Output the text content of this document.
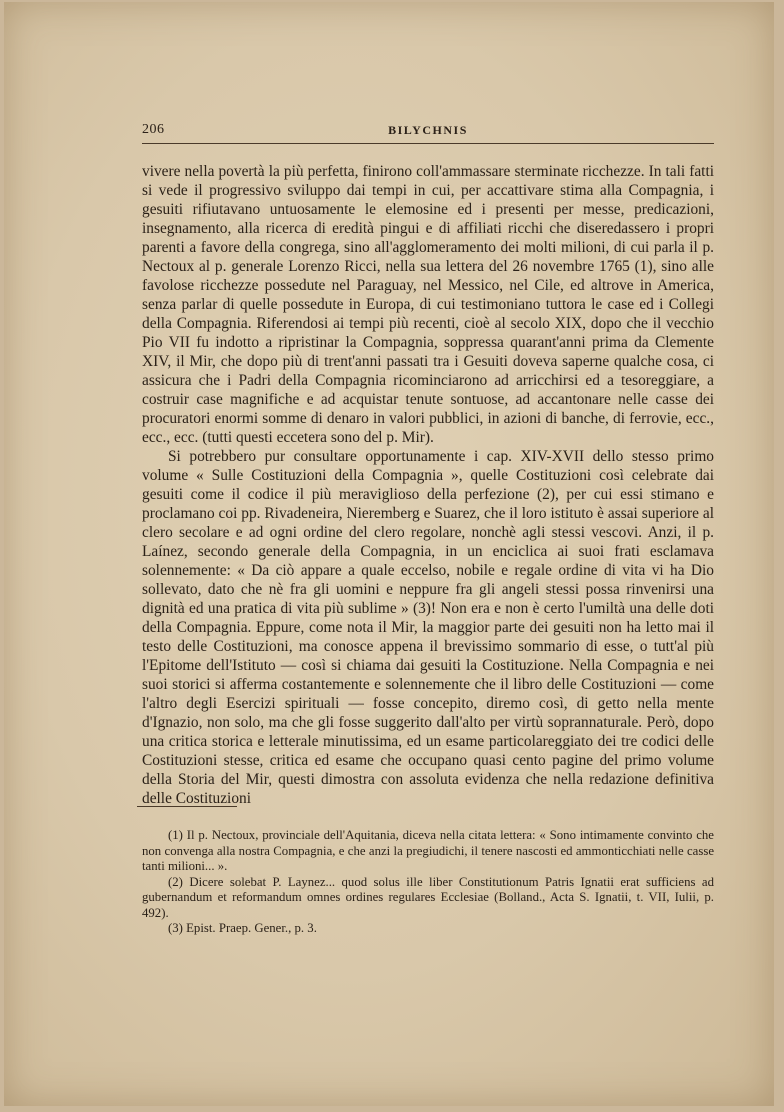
206	BILYCHNIS

vivere nella povertà la più perfetta, finirono coll'ammassare sterminate ricchezze. In tali fatti si vede il progressivo sviluppo dai tempi in cui, per accattivare stima alla Compagnia, i gesuiti rifiutavano untuosamente le elemosine ed i presenti per messe, predicazioni, insegnamento, alla ricerca di eredità pingui e di affiliati ricchi che diseredassero i propri parenti a favore della congrega, sino all'agglomeramento dei molti milioni, di cui parla il p. Nectoux al p. generale Lorenzo Ricci, nella sua lettera del 26 novembre 1765 (1), sino alle favolose ricchezze possedute nel Paraguay, nel Messico, nel Cile, ed altrove in America, senza parlar di quelle possedute in Europa, di cui testimoniano tuttora le case ed i Collegi della Compagnia. Riferendosi ai tempi più recenti, cioè al secolo XIX, dopo che il vecchio Pio VII fu indotto a ripristinar la Compagnia, soppressa quarant'anni prima da Clemente XIV, il Mir, che dopo più di trent'anni passati tra i Gesuiti doveva saperne qualche cosa, ci assicura che i Padri della Compagnia ricominciarono ad arricchirsi ed a tesoreggiare, a costruir case magnifiche e ad acquistar tenute sontuose, ad accantonare nelle casse dei procuratori enormi somme di denaro in valori pubblici, in azioni di banche, di ferrovie, ecc., ecc., ecc. (tutti questi eccetera sono del p. Mir).

Si potrebbero pur consultare opportunamente i cap. XIV-XVII dello stesso primo volume « Sulle Costituzioni della Compagnia », quelle Costituzioni così celebrate dai gesuiti come il codice il più meraviglioso della perfezione (2), per cui essi stimano e proclamano coi pp. Rivadeneira, Nieremberg e Suarez, che il loro istituto è assai superiore al clero secolare e ad ogni ordine del clero regolare, nonchè agli stessi vescovi. Anzi, il p. Laínez, secondo generale della Compagnia, in un enciclica ai suoi frati esclamava solennemente: « Da ciò appare a quale eccelso, nobile e regale ordine di vita vi ha Dio sollevato, dato che nè fra gli uomini e neppure fra gli angeli stessi possa rinvenirsi una dignità ed una pratica di vita più sublime » (3)! Non era e non è certo l'umiltà una delle doti della Compagnia. Eppure, come nota il Mir, la maggior parte dei gesuiti non ha letto mai il testo delle Costituzioni, ma conosce appena il brevissimo sommario di esse, o tutt'al più l'Epitome dell'Istituto — così si chiama dai gesuiti la Costituzione. Nella Compagnia e nei suoi storici si afferma costantemente e solennemente che il libro delle Costituzioni — come l'altro degli Esercizi spirituali — fosse concepito, diremo così, di getto nella mente d'Ignazio, non solo, ma che gli fosse suggerito dall'alto per virtù soprannaturale. Però, dopo una critica storica e letterale minutissima, ed un esame particolareggiato dei tre codici delle Costituzioni stesse, critica ed esame che occupano quasi cento pagine del primo volume della Storia del Mir, questi dimostra con assoluta evidenza che nella redazione definitiva delle Costituzioni

(1) Il p. Nectoux, provinciale dell'Aquitania, diceva nella citata lettera: « Sono intimamente convinto che non convenga alla nostra Compagnia, e che anzi la pregiudichi, il tenere nascosti ed ammonticchiati nelle casse tanti milioni... ».

(2) Dicere solebat P. Laynez... quod solus ille liber Constitutionum Patris Ignatii erat sufficiens ad gubernandum et reformandum omnes ordines regulares Ecclesiae (Bolland., Acta S. Ignatii, t. VII, Iulii, p. 492).

(3) Epist. Praep. Gener., p. 3.
